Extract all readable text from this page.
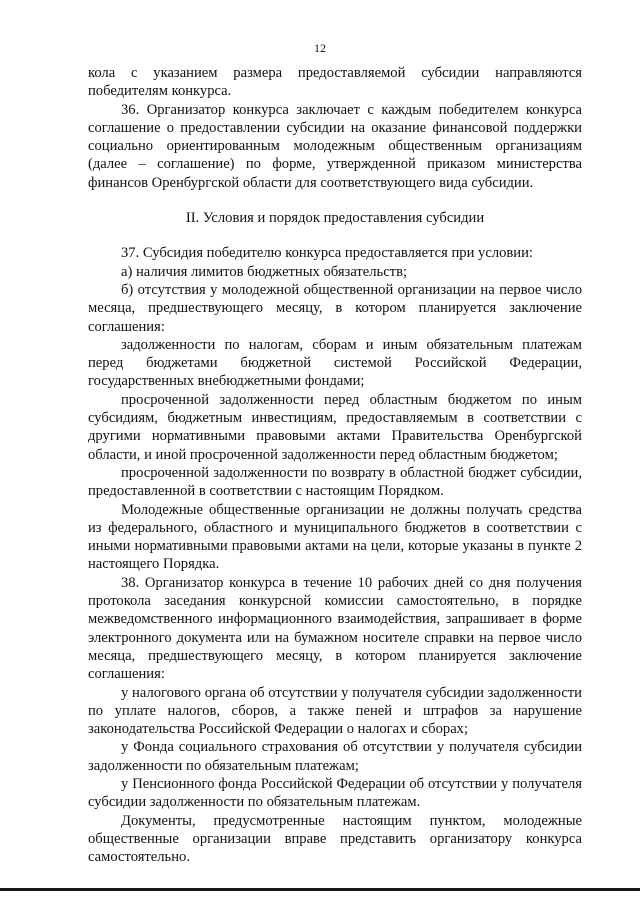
12

кола с указанием размера предоставляемой субсидии направляются победителям конкурса.

36. Организатор конкурса заключает с каждым победителем конкурса соглашение о предоставлении субсидии на оказание финансовой поддержки социально ориентированным молодежным общественным организациям (далее – соглашение) по форме, утвержденной приказом министерства финансов Оренбургской области для соответствующего вида субсидии.

II. Условия и порядок предоставления субсидии

37. Субсидия победителю конкурса предоставляется при условии:

а) наличия лимитов бюджетных обязательств;

б) отсутствия у молодежной общественной организации на первое число месяца, предшествующего месяцу, в котором планируется заключение соглашения:

задолженности по налогам, сборам и иным обязательным платежам перед бюджетами бюджетной системой Российской Федерации, государственных внебюджетными фондами;

просроченной задолженности перед областным бюджетом по иным субсидиям, бюджетным инвестициям, предоставляемым в соответствии с другими нормативными правовыми актами Правительства Оренбургской области, и иной просроченной задолженности перед областным бюджетом;

просроченной задолженности по возврату в областной бюджет субсидии, предоставленной в соответствии с настоящим Порядком.

Молодежные общественные организации не должны получать средства из федерального, областного и муниципального бюджетов в соответствии с иными нормативными правовыми актами на цели, которые указаны в пункте 2 настоящего Порядка.

38. Организатор конкурса в течение 10 рабочих дней со дня получения протокола заседания конкурсной комиссии самостоятельно, в порядке межведомственного информационного взаимодействия, запрашивает в форме электронного документа или на бумажном носителе справки на первое число месяца, предшествующего месяцу, в котором планируется заключение соглашения:

у налогового органа об отсутствии у получателя субсидии задолженности по уплате налогов, сборов, а также пеней и штрафов за нарушение законодательства Российской Федерации о налогах и сборах;

у Фонда социального страхования об отсутствии у получателя субсидии задолженности по обязательным платежам;

у Пенсионного фонда Российской Федерации об отсутствии у получателя субсидии задолженности по обязательным платежам.

Документы, предусмотренные настоящим пунктом, молодежные общественные организации вправе представить организатору конкурса самостоятельно.
